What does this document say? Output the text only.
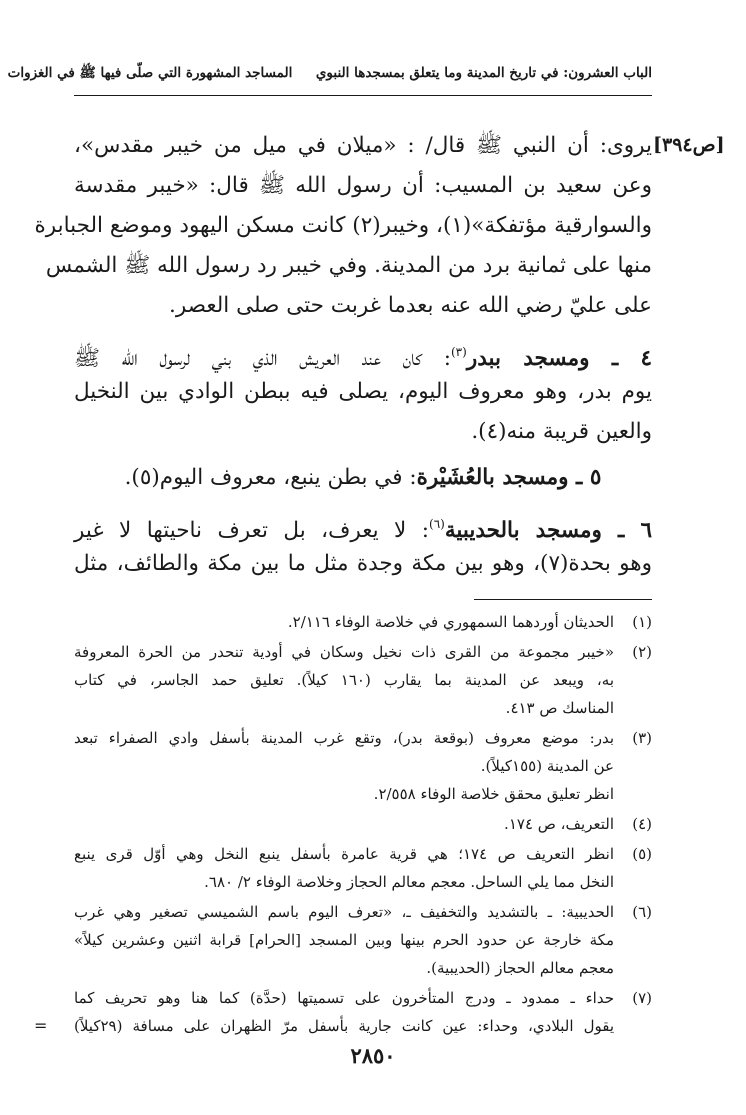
الباب العشرون: في تاريخ المدينة وما يتعلق بمسجدها النبوي     المساجد المشهورة التي صلّى فيها ﷺ في الغزوات
[ص٣٩٤]
يروى: أن النبي ﷺ قال/ : «ميلان في ميل من خيبر مقدس»،
وعن سعيد بن المسيب: أن رسول الله ﷺ قال: «خيبر مقدسة
والسوارقية مؤتفكة»(١)، وخيبر(٢) كانت مسكن اليهود وموضع الجبابرة
منها على ثمانية برد من المدينة. وفي خيبر رد رسول الله ﷺ الشمس
على عليّ رضي الله عنه بعدما غربت حتى صلى العصر.
٤ ـ ومسجد ببدر$^{(٣)}$: كان عند العريش الذي بني لرسول الله ﷺ
يوم بدر، وهو معروف اليوم، يصلى فيه ببطن الوادي بين النخيل
والعين قريبة منه(٤).
٥ ـ ومسجد بالعُشَيْرة: في بطن ينبع، معروف اليوم(٥).
٦ ـ ومسجد بالحديبية$^{(٦)}$: لا يعرف، بل تعرف ناحيتها لا غير
وهو بحدة(٧)، وهو بين مكة وجدة مثل ما بين مكة والطائف، مثل
(١)
الحديثان أوردهما السمهوري في خلاصة الوفاء ٢/١١٦.
(٢)
«خيبر مجموعة من القرى ذات نخيل وسكان في أودية تنحدر من الحرة المعروفة
به، ويبعد عن المدينة بما يقارب (١٦٠ كيلاً). تعليق حمد الجاسر، في كتاب
المناسك ص ٤١٣.
(٣)
بدر: موضع معروف (بوقعة بدر)، وتقع غرب المدينة بأسفل وادي الصفراء تبعد
عن المدينة (١٥٥كيلاً).
انظر تعليق محقق خلاصة الوفاء ٢/٥٥٨.
(٤)
التعريف، ص ١٧٤.
(٥)
انظر التعريف ص ١٧٤؛ هي قرية عامرة بأسفل ينبع النخل وهي أوّل قرى ينبع
النخل مما يلي الساحل. معجم معالم الحجاز وخلاصة الوفاء ٢/ ٦٨٠.
(٦)
الحديبية: ـ بالتشديد والتخفيف ـ، «تعرف اليوم باسم الشميسي تصغير وهي غرب
مكة خارجة عن حدود الحرم بينها وبين المسجد [الحرام] قرابة اثنين وعشرين كيلاً»
معجم معالم الحجاز (الحديبية).
(٧)
حداء ـ ممدود ـ ودرج المتأخرون على تسميتها (حدَّة) كما هنا وهو تحريف كما
يقول البلادي، وحداء: عين كانت جارية بأسفل مرّ الظهران على مسافة (٢٩كيلاً)
=
٢٨٥٠
